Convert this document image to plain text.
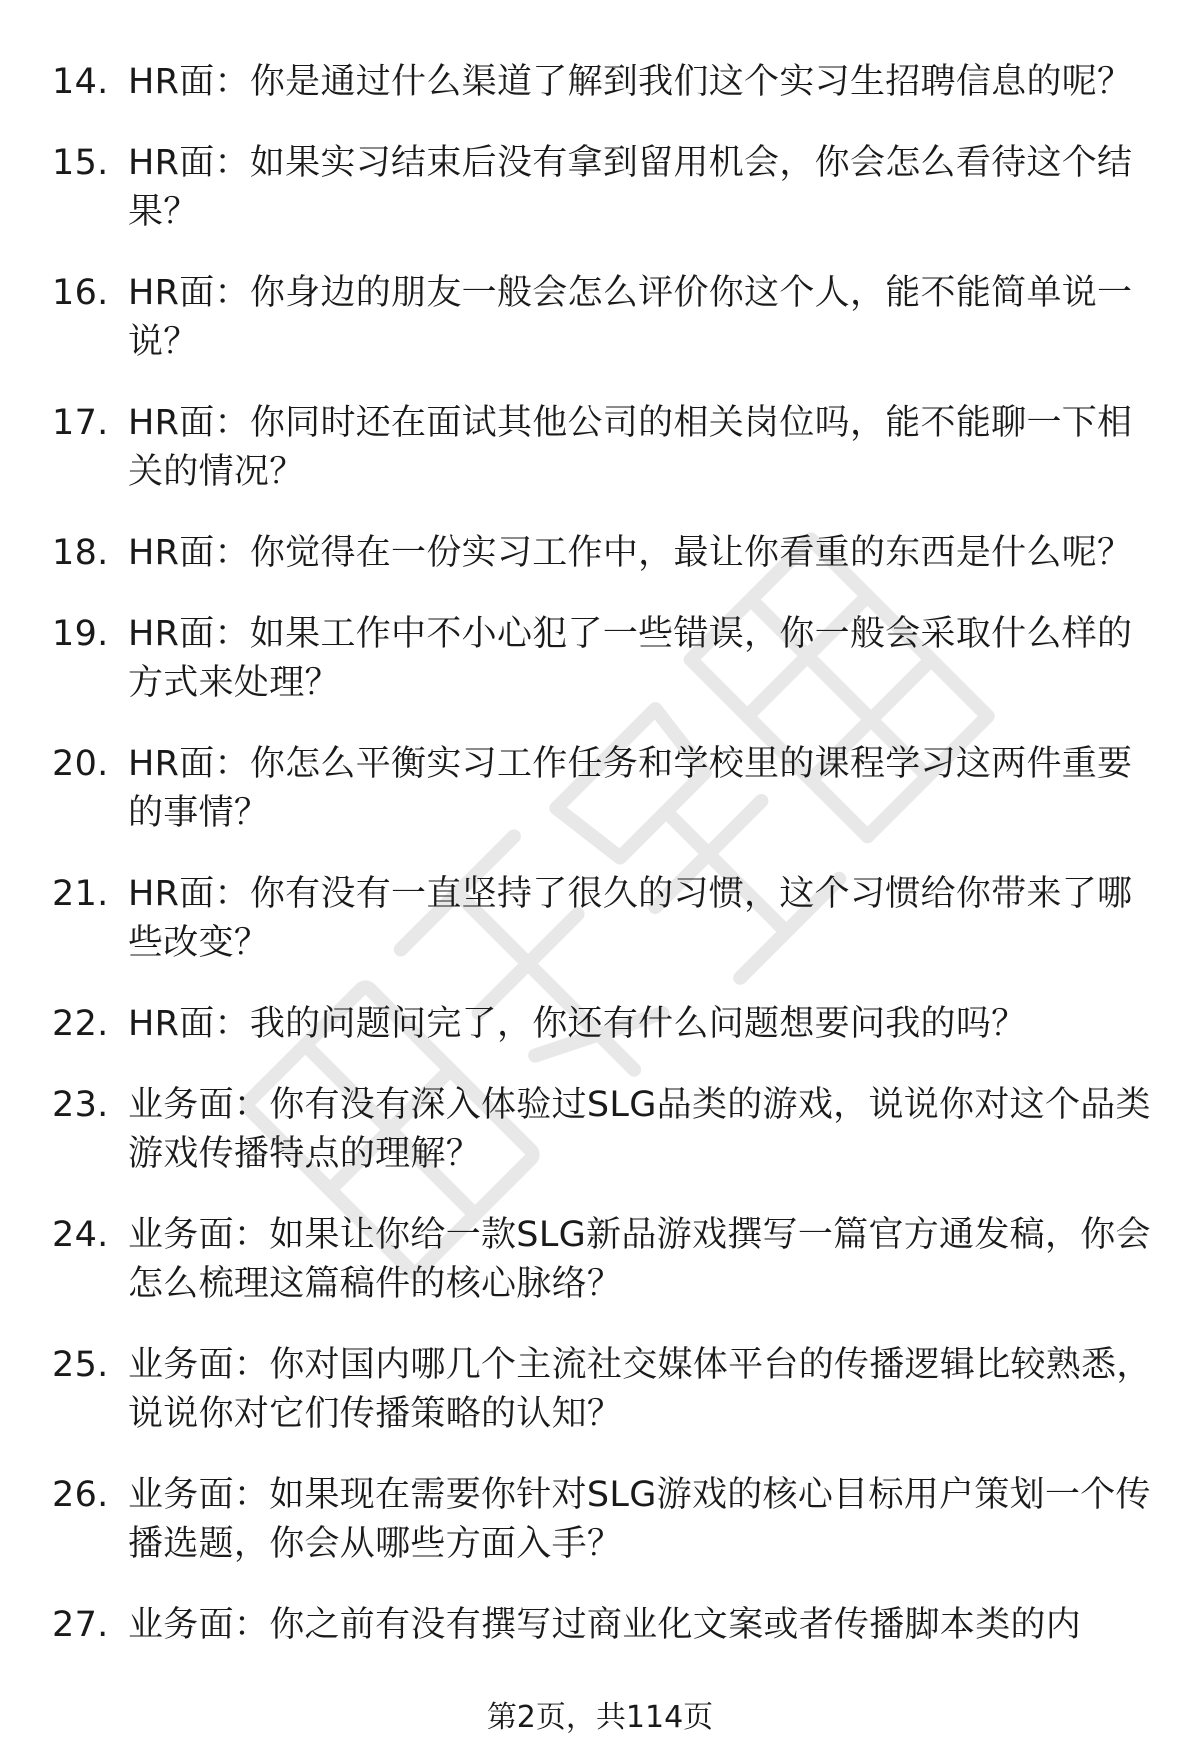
14. HR面：你是通过什么渠道了解到我们这个实习生招聘信息的呢？
15. HR面：如果实习结束后没有拿到留用机会，你会怎么看待这个结果？
16. HR面：你身边的朋友一般会怎么评价你这个人，能不能简单说一说？
17. HR面：你同时还在面试其他公司的相关岗位吗，能不能聊一下相关的情况？
18. HR面：你觉得在一份实习工作中，最让你看重的东西是什么呢？
19. HR面：如果工作中不小心犯了一些错误，你一般会采取什么样的方式来处理？
20. HR面：你怎么平衡实习工作任务和学校里的课程学习这两件重要的事情？
21. HR面：你有没有一直坚持了很久的习惯，这个习惯给你带来了哪些改变？
22. HR面：我的问题问完了，你还有什么问题想要问我的吗？
23. 业务面：你有没有深入体验过SLG品类的游戏，说说你对这个品类游戏传播特点的理解？
24. 业务面：如果让你给一款SLG新品游戏撰写一篇官方通发稿，你会怎么梳理这篇稿件的核心脉络？
25. 业务面：你对国内哪几个主流社交媒体平台的传播逻辑比较熟悉，说说你对它们传播策略的认知？
26. 业务面：如果现在需要你针对SLG游戏的核心目标用户策划一个传播选题，你会从哪些方面入手？
27. 业务面：你之前有没有撰写过商业化文案或者传播脚本类的内
第2页，共114页
